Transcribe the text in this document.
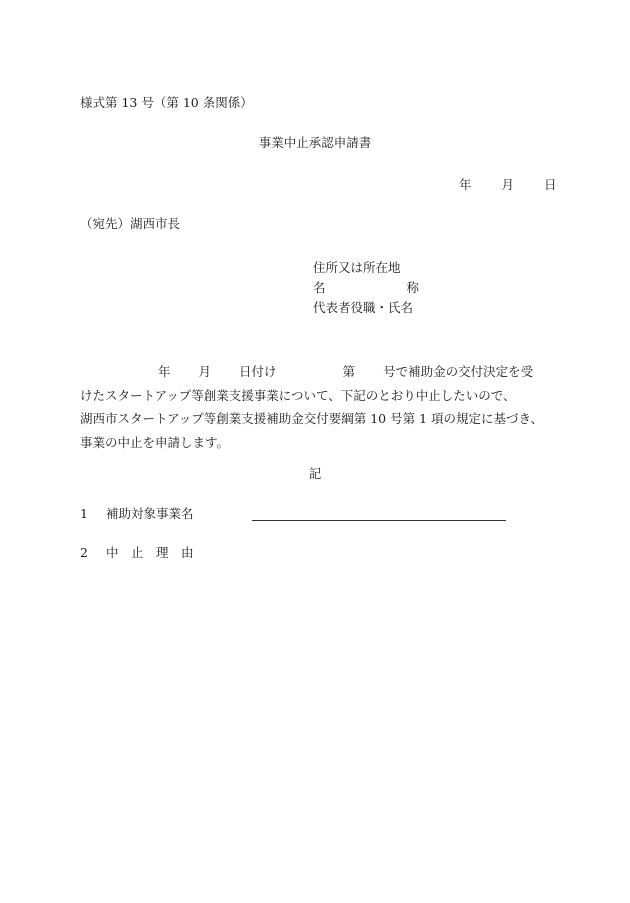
様式第 13 号（第 10 条関係）
事業中止承認申請書
年 月 日
（宛先）湖西市長
住所又は所在地
名	称
代表者役職・氏名
年 月 日付け	第 号で補助金の交付決定を受
けたスタートアップ等創業支援事業について、下記のとおり中止したいので、
湖西市スタートアップ等創業支援補助金交付要綱第 10 号第 1 項の規定に基づき、
事業の中止を申請します。
記
1 補助対象事業名
2 中　止　理　由
